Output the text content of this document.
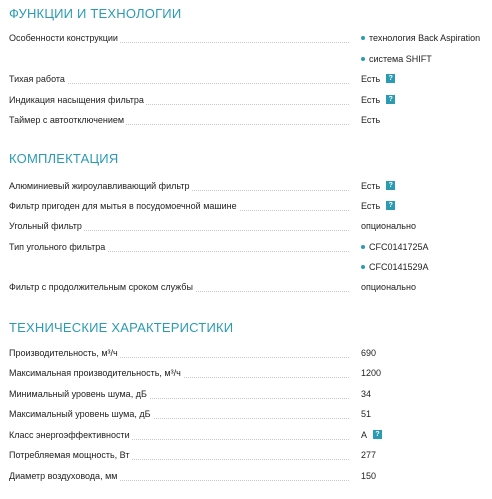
ФУНКЦИИ И ТЕХНОЛОГИИ
Особенности конструкции	технология Back Aspiration
система SHIFT
Тихая работа	Есть ?
Индикация насыщения фильтра	Есть ?
Таймер с автоотключением	Есть
КОМПЛЕКТАЦИЯ
Алюминиевый жироулавливающий фильтр	Есть ?
Фильтр пригоден для мытья в посудомоечной машине	Есть ?
Угольный фильтр	опционально
Тип угольного фильтра	CFC0141725A
CFC0141529A
Фильтр с продолжительным сроком службы	опционально
ТЕХНИЧЕСКИЕ ХАРАКТЕРИСТИКИ
Производительность, м³/ч	690
Максимальная производительность, м³/ч	1200
Минимальный уровень шума, дБ	34
Максимальный уровень шума, дБ	51
Класс энергоэффективности	A ?
Потребляемая мощность, Вт	277
Диаметр воздуховода, мм	150
